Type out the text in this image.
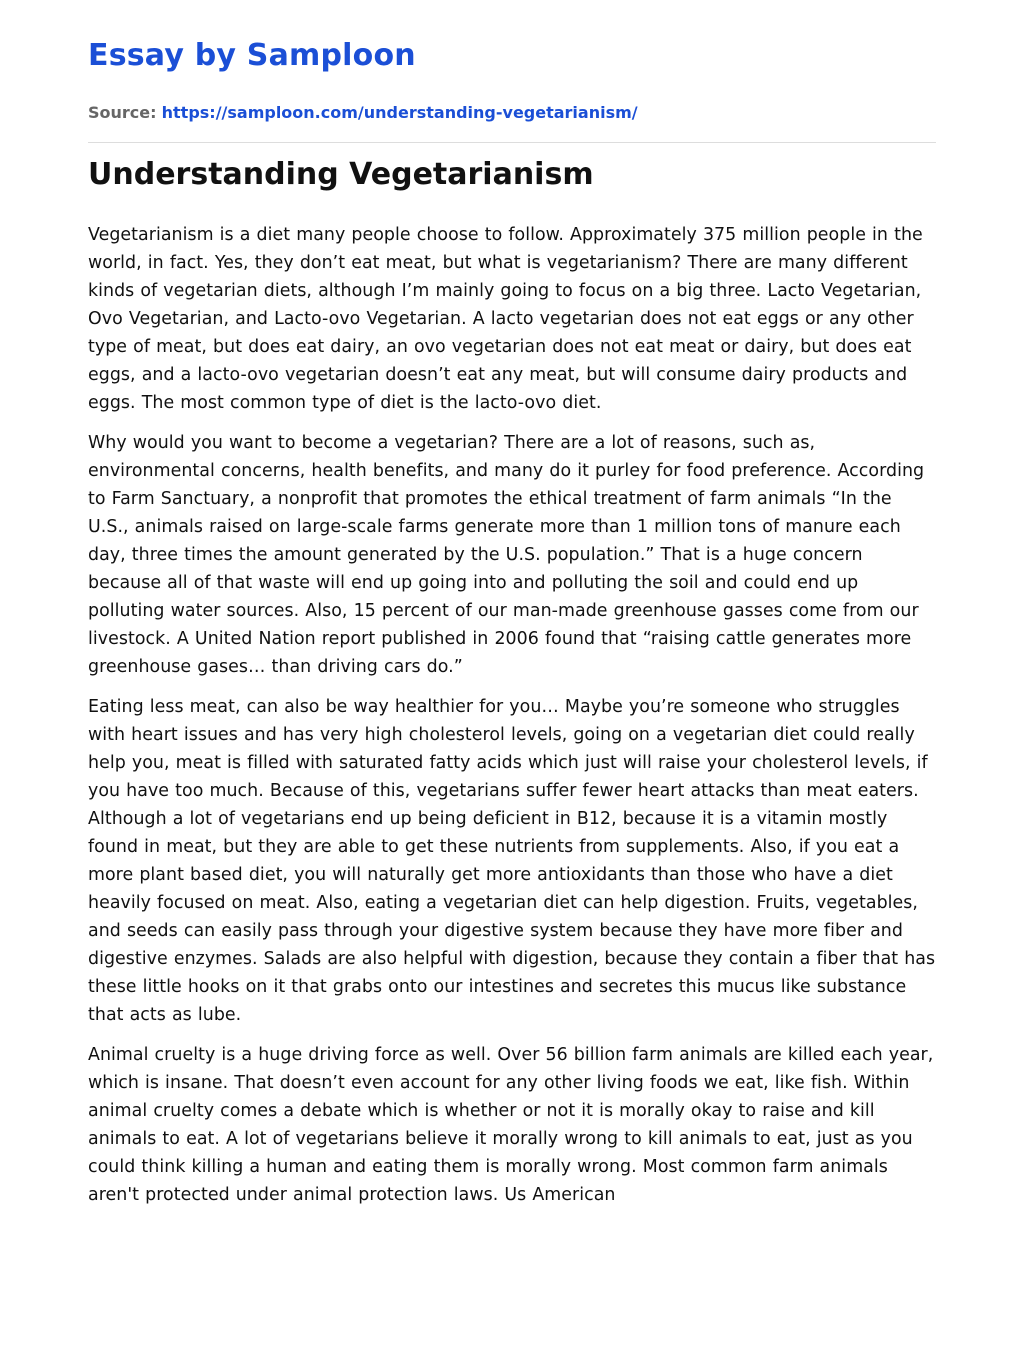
Essay by Samploon
Source: https://samploon.com/understanding-vegetarianism/
Understanding Vegetarianism

Vegetarianism is a diet many people choose to follow. Approximately 375 million people in the world, in fact. Yes, they don’t eat meat, but what is vegetarianism? There are many different kinds of vegetarian diets, although I’m mainly going to focus on a big three. Lacto Vegetarian, Ovo Vegetarian, and Lacto-ovo Vegetarian. A lacto vegetarian does not eat eggs or any other type of meat, but does eat dairy, an ovo vegetarian does not eat meat or dairy, but does eat eggs, and a lacto-ovo vegetarian doesn’t eat any meat, but will consume dairy products and eggs. The most common type of diet is the lacto-ovo diet.

Why would you want to become a vegetarian? There are a lot of reasons, such as, environmental concerns, health benefits, and many do it purley for food preference. According to Farm Sanctuary, a nonprofit that promotes the ethical treatment of farm animals “In the U.S., animals raised on large-scale farms generate more than 1 million tons of manure each day, three times the amount generated by the U.S. population.” That is a huge concern because all of that waste will end up going into and polluting the soil and could end up polluting water sources. Also, 15 percent of our man-made greenhouse gasses come from our livestock. A United Nation report published in 2006 found that “raising cattle generates more greenhouse gases… than driving cars do.”

Eating less meat, can also be way healthier for you… Maybe you’re someone who struggles with heart issues and has very high cholesterol levels, going on a vegetarian diet could really help you, meat is filled with saturated fatty acids which just will raise your cholesterol levels, if you have too much. Because of this, vegetarians suffer fewer heart attacks than meat eaters. Although a lot of vegetarians end up being deficient in B12, because it is a vitamin mostly found in meat, but they are able to get these nutrients from supplements. Also, if you eat a more plant based diet, you will naturally get more antioxidants than those who have a diet heavily focused on meat. Also, eating a vegetarian diet can help digestion. Fruits, vegetables, and seeds can easily pass through your digestive system because they have more fiber and digestive enzymes. Salads are also helpful with digestion, because they contain a fiber that has these little hooks on it that grabs onto our intestines and secretes this mucus like substance that acts as lube.

Animal cruelty is a huge driving force as well. Over 56 billion farm animals are killed each year, which is insane. That doesn’t even account for any other living foods we eat, like fish. Within animal cruelty comes a debate which is whether or not it is morally okay to raise and kill animals to eat. A lot of vegetarians believe it morally wrong to kill animals to eat, just as you could think killing a human and eating them is morally wrong. Most common farm animals aren't protected under animal protection laws. Us American
